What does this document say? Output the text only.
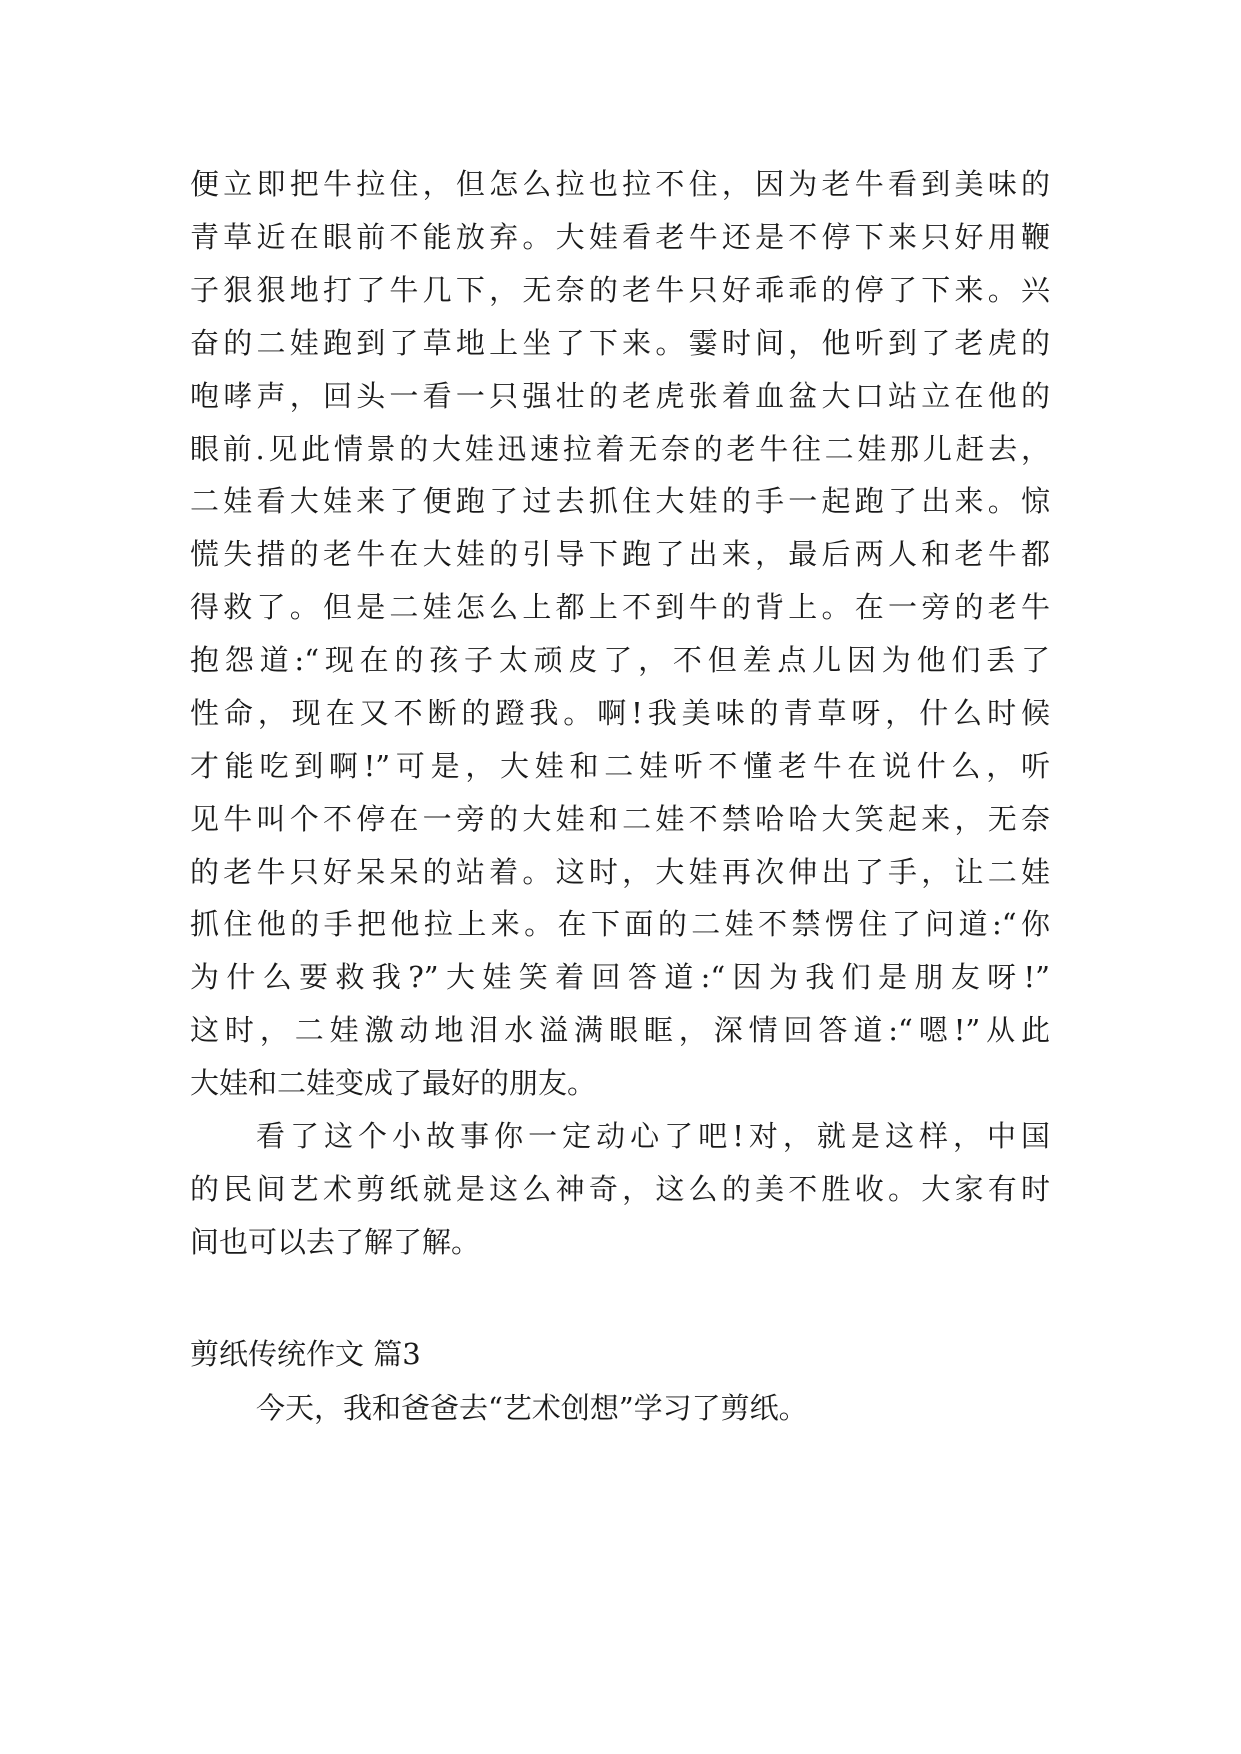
便立即把牛拉住，但怎么拉也拉不住，因为老牛看到美味的
青草近在眼前不能放弃。大娃看老牛还是不停下来只好用鞭
子狠狠地打了牛几下，无奈的老牛只好乖乖的停了下来。兴
奋的二娃跑到了草地上坐了下来。霎时间，他听到了老虎的
咆哮声，回头一看一只强壮的老虎张着血盆大口站立在他的
眼前.见此情景的大娃迅速拉着无奈的老牛往二娃那儿赶去，
二娃看大娃来了便跑了过去抓住大娃的手一起跑了出来。惊
慌失措的老牛在大娃的引导下跑了出来，最后两人和老牛都
得救了。但是二娃怎么上都上不到牛的背上。在一旁的老牛
抱怨道:“现在的孩子太顽皮了，不但差点儿因为他们丢了
性命，现在又不断的蹬我。啊!我美味的青草呀，什么时候
才能吃到啊!”可是，大娃和二娃听不懂老牛在说什么，听
见牛叫个不停在一旁的大娃和二娃不禁哈哈大笑起来，无奈
的老牛只好呆呆的站着。这时，大娃再次伸出了手，让二娃
抓住他的手把他拉上来。在下面的二娃不禁愣住了问道:“你
为什么要救我?”大娃笑着回答道:“因为我们是朋友呀!”
这时，二娃激动地泪水溢满眼眶，深情回答道:“嗯!”从此
大娃和二娃变成了最好的朋友。
看了这个小故事你一定动心了吧!对，就是这样，中国
的民间艺术剪纸就是这么神奇，这么的美不胜收。大家有时
间也可以去了解了解。
剪纸传统作文 篇3
今天，我和爸爸去“艺术创想”学习了剪纸。
